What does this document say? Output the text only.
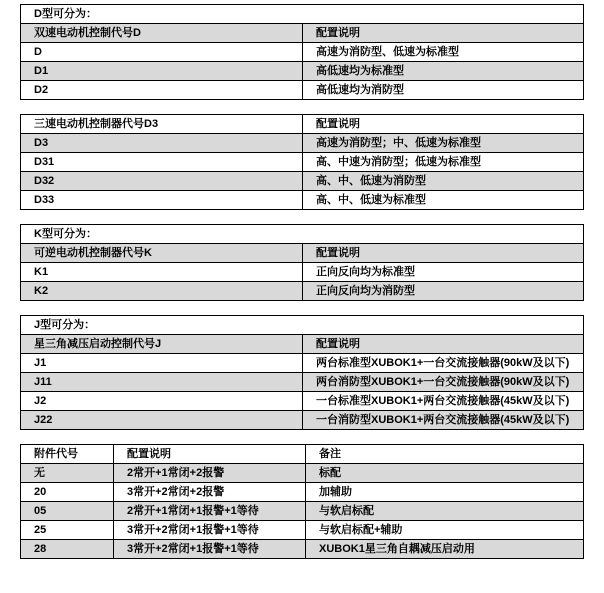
D型可分为：	
双速电动机控制代号D	配置说明
D	高速为消防型、低速为标准型
D1	高低速均为标准型
D2	高低速均为消防型
三速电动机控制器代号D3	配置说明
D3	高速为消防型；中、低速为标准型
D31	高、中速为消防型；低速为标准型
D32	高、中、低速为消防型
D33	高、中、低速为标准型
K型可分为：	
可逆电动机控制器代号K	配置说明
K1	正向反向均为标准型
K2	正向反向均为消防型
J型可分为：	
星三角减压启动控制代号J	配置说明
J1	两台标准型XUBOK1+一台交流接触器(90kW及以下)
J11	两台消防型XUBOK1+一台交流接触器(90kW及以下)
J2	一台标准型XUBOK1+两台交流接触器(45kW及以下)
J22	一台消防型XUBOK1+两台交流接触器(45kW及以下)
附件代号	配置说明	备注
无	2常开+1常闭+2报警	标配
20	3常开+2常闭+2报警	加辅助
05	2常开+1常闭+1报警+1等待	与软启标配
25	3常开+2常闭+1报警+1等待	与软启标配+辅助
28	3常开+2常闭+1报警+1等待	XUBOK1星三角自耦减压启动用
